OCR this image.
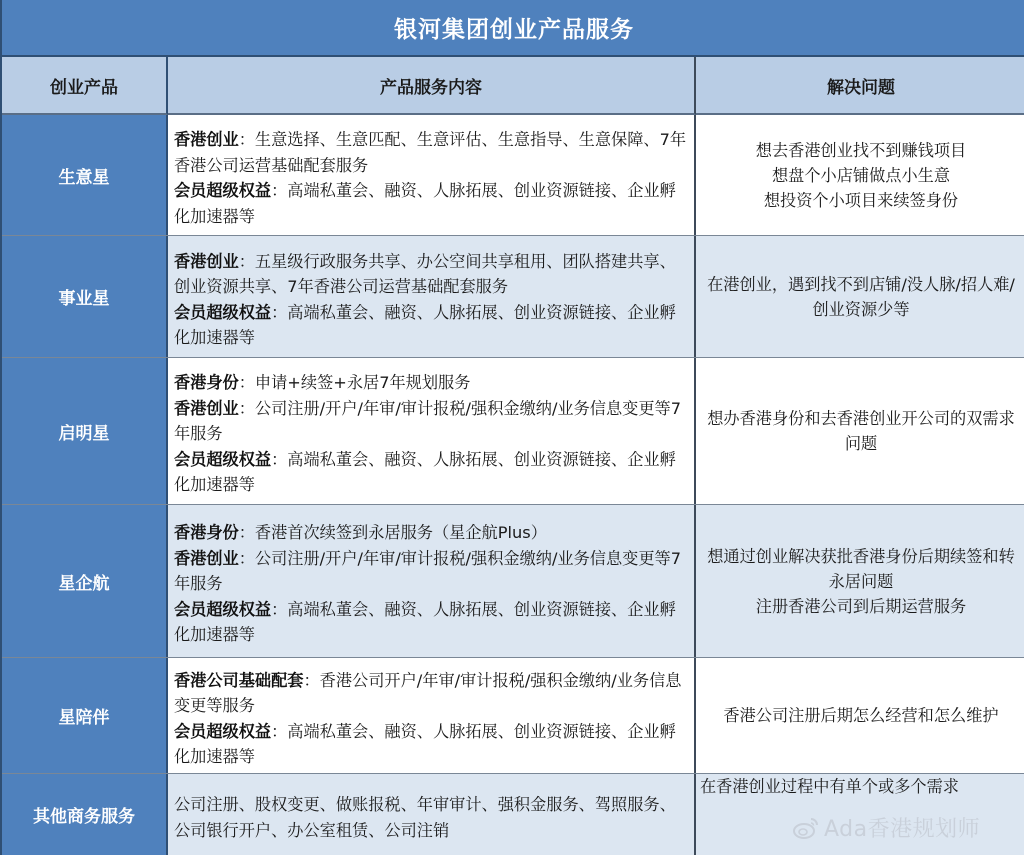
银河集团创业产品服务
创业产品	产品服务内容	解决问题
生意星
香港创业：生意选择、生意匹配、生意评估、生意指导、生意保障、7年香港公司运营基础配套服务
会员超级权益：高端私董会、融资、人脉拓展、创业资源链接、企业孵化加速器等
想去香港创业找不到赚钱项目
想盘个小店铺做点小生意
想投资个小项目来续签身份
事业星
香港创业：五星级行政服务共享、办公空间共享租用、团队搭建共享、创业资源共享、7年香港公司运营基础配套服务
会员超级权益：高端私董会、融资、人脉拓展、创业资源链接、企业孵化加速器等
在港创业，遇到找不到店铺/没人脉/招人难/创业资源少等
启明星
香港身份：申请+续签+永居7年规划服务
香港创业：公司注册/开户/年审/审计报税/强积金缴纳/业务信息变更等7年服务
会员超级权益：高端私董会、融资、人脉拓展、创业资源链接、企业孵化加速器等
想办香港身份和去香港创业开公司的双需求问题
星企航
香港身份：香港首次续签到永居服务（星企航Plus）
香港创业：公司注册/开户/年审/审计报税/强积金缴纳/业务信息变更等7年服务
会员超级权益：高端私董会、融资、人脉拓展、创业资源链接、企业孵化加速器等
想通过创业解决获批香港身份后期续签和转永居问题
注册香港公司到后期运营服务
星陪伴
香港公司基础配套：香港公司开户/年审/审计报税/强积金缴纳/业务信息变更等服务
会员超级权益：高端私董会、融资、人脉拓展、创业资源链接、企业孵化加速器等
香港公司注册后期怎么经营和怎么维护
其他商务服务
公司注册、股权变更、做账报税、年审审计、强积金服务、驾照服务、公司银行开户、办公室租赁、公司注销
在香港创业过程中有单个或多个需求
Ada香港规划师
